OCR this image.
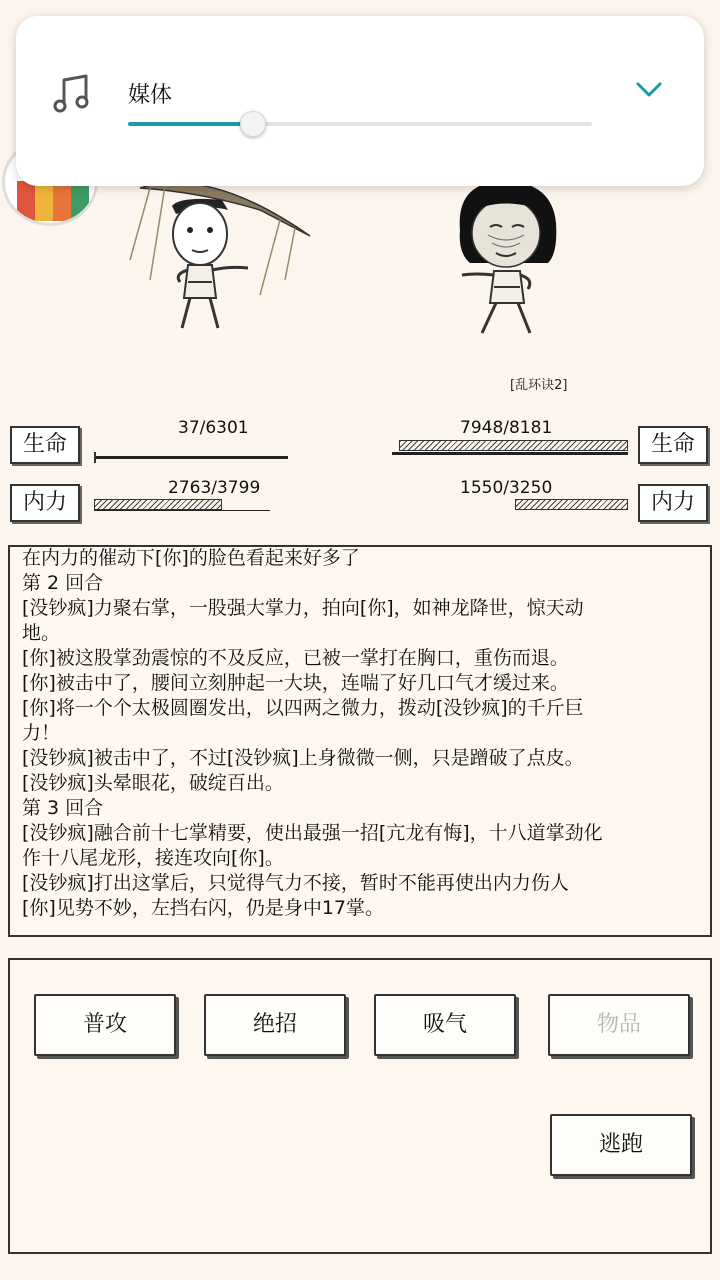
[乱环诀2]
生命
37/6301
内力
2763/3799
生命
7948/8181
内力
1550/3250
在内力的催动下[你]的脸色看起来好多了
第 2 回合
[没钞疯]力聚右掌，一股强大掌力，拍向[你]，如神龙降世，惊天动
地。
[你]被这股掌劲震惊的不及反应，已被一掌打在胸口，重伤而退。
[你]被击中了，腰间立刻肿起一大块，连喘了好几口气才缓过来。
[你]将一个个太极圆圈发出，以四两之微力，拨动[没钞疯]的千斤巨
力！
[没钞疯]被击中了，不过[没钞疯]上身微微一侧，只是蹭破了点皮。
[没钞疯]头晕眼花，破绽百出。
第 3 回合
[没钞疯]融合前十七掌精要，使出最强一招[亢龙有悔]，十八道掌劲化
作十八尾龙形，接连攻向[你]。
[没钞疯]打出这掌后，只觉得气力不接，暂时不能再使出内力伤人
[你]见势不妙，左挡右闪，仍是身中17掌。
普攻	绝招	吸气	物品
逃跑
媒体
